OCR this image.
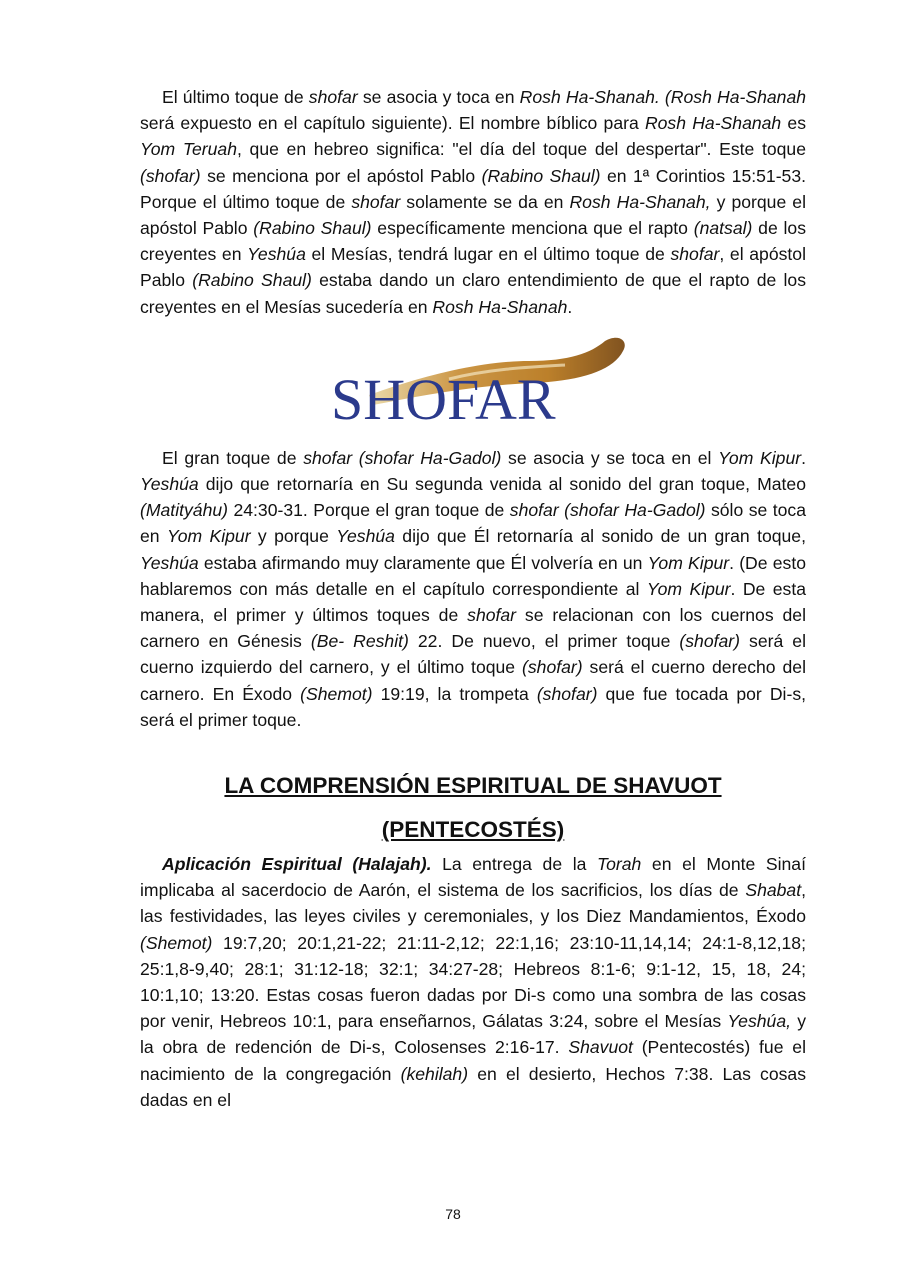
El último toque de shofar se asocia y toca en Rosh Ha-Shanah. (Rosh Ha-Shanah será expuesto en el capítulo siguiente). El nombre bíblico para Rosh Ha-Shanah es Yom Teruah, que en hebreo significa: "el día del toque del despertar". Este toque (shofar) se menciona por el apóstol Pablo (Rabino Shaul) en 1ª Corintios 15:51-53. Porque el último toque de shofar solamente se da en Rosh Ha-Shanah, y porque el apóstol Pablo (Rabino Shaul) específicamente menciona que el rapto (natsal) de los creyentes en Yeshúa el Mesías, tendrá lugar en el último toque de shofar, el apóstol Pablo (Rabino Shaul) estaba dando un claro entendimiento de que el rapto de los creyentes en el Mesías sucedería en Rosh Ha-Shanah.

SHOFAR

El gran toque de shofar (shofar Ha-Gadol) se asocia y se toca en el Yom Kipur. Yeshúa dijo que retornaría en Su segunda venida al sonido del gran toque, Mateo (Matityáhu) 24:30-31. Porque el gran toque de shofar (shofar Ha-Gadol) sólo se toca en Yom Kipur y porque Yeshúa dijo que Él retornaría al sonido de un gran toque, Yeshúa estaba afirmando muy claramente que Él volvería en un Yom Kipur. (De esto hablaremos con más detalle en el capítulo correspondiente al Yom Kipur. De esta manera, el primer y últimos toques de shofar se relacionan con los cuernos del carnero en Génesis (Be- Reshit) 22. De nuevo, el primer toque (shofar) será el cuerno izquierdo del carnero, y el último toque (shofar) será el cuerno derecho del carnero. En Éxodo (Shemot) 19:19, la trompeta (shofar) que fue tocada por Di-s, será el primer toque.

LA COMPRENSIÓN ESPIRITUAL DE SHAVUOT
(PENTECOSTÉS)

Aplicación Espiritual (Halajah). La entrega de la Torah en el Monte Sinaí implicaba al sacerdocio de Aarón, el sistema de los sacrificios, los días de Shabat, las festividades, las leyes civiles y ceremoniales, y los Diez Mandamientos, Éxodo (Shemot) 19:7,20; 20:1,21-22; 21:11-2,12; 22:1,16; 23:10-11,14,14; 24:1-8,12,18; 25:1,8-9,40; 28:1; 31:12-18; 32:1; 34:27-28; Hebreos 8:1-6; 9:1-12, 15, 18, 24; 10:1,10; 13:20. Estas cosas fueron dadas por Di-s como una sombra de las cosas por venir, Hebreos 10:1, para enseñarnos, Gálatas 3:24, sobre el Mesías Yeshúa, y la obra de redención de Di-s, Colosenses 2:16-17. Shavuot (Pentecostés) fue el nacimiento de la congregación (kehilah) en el desierto, Hechos 7:38. Las cosas dadas en el

78
